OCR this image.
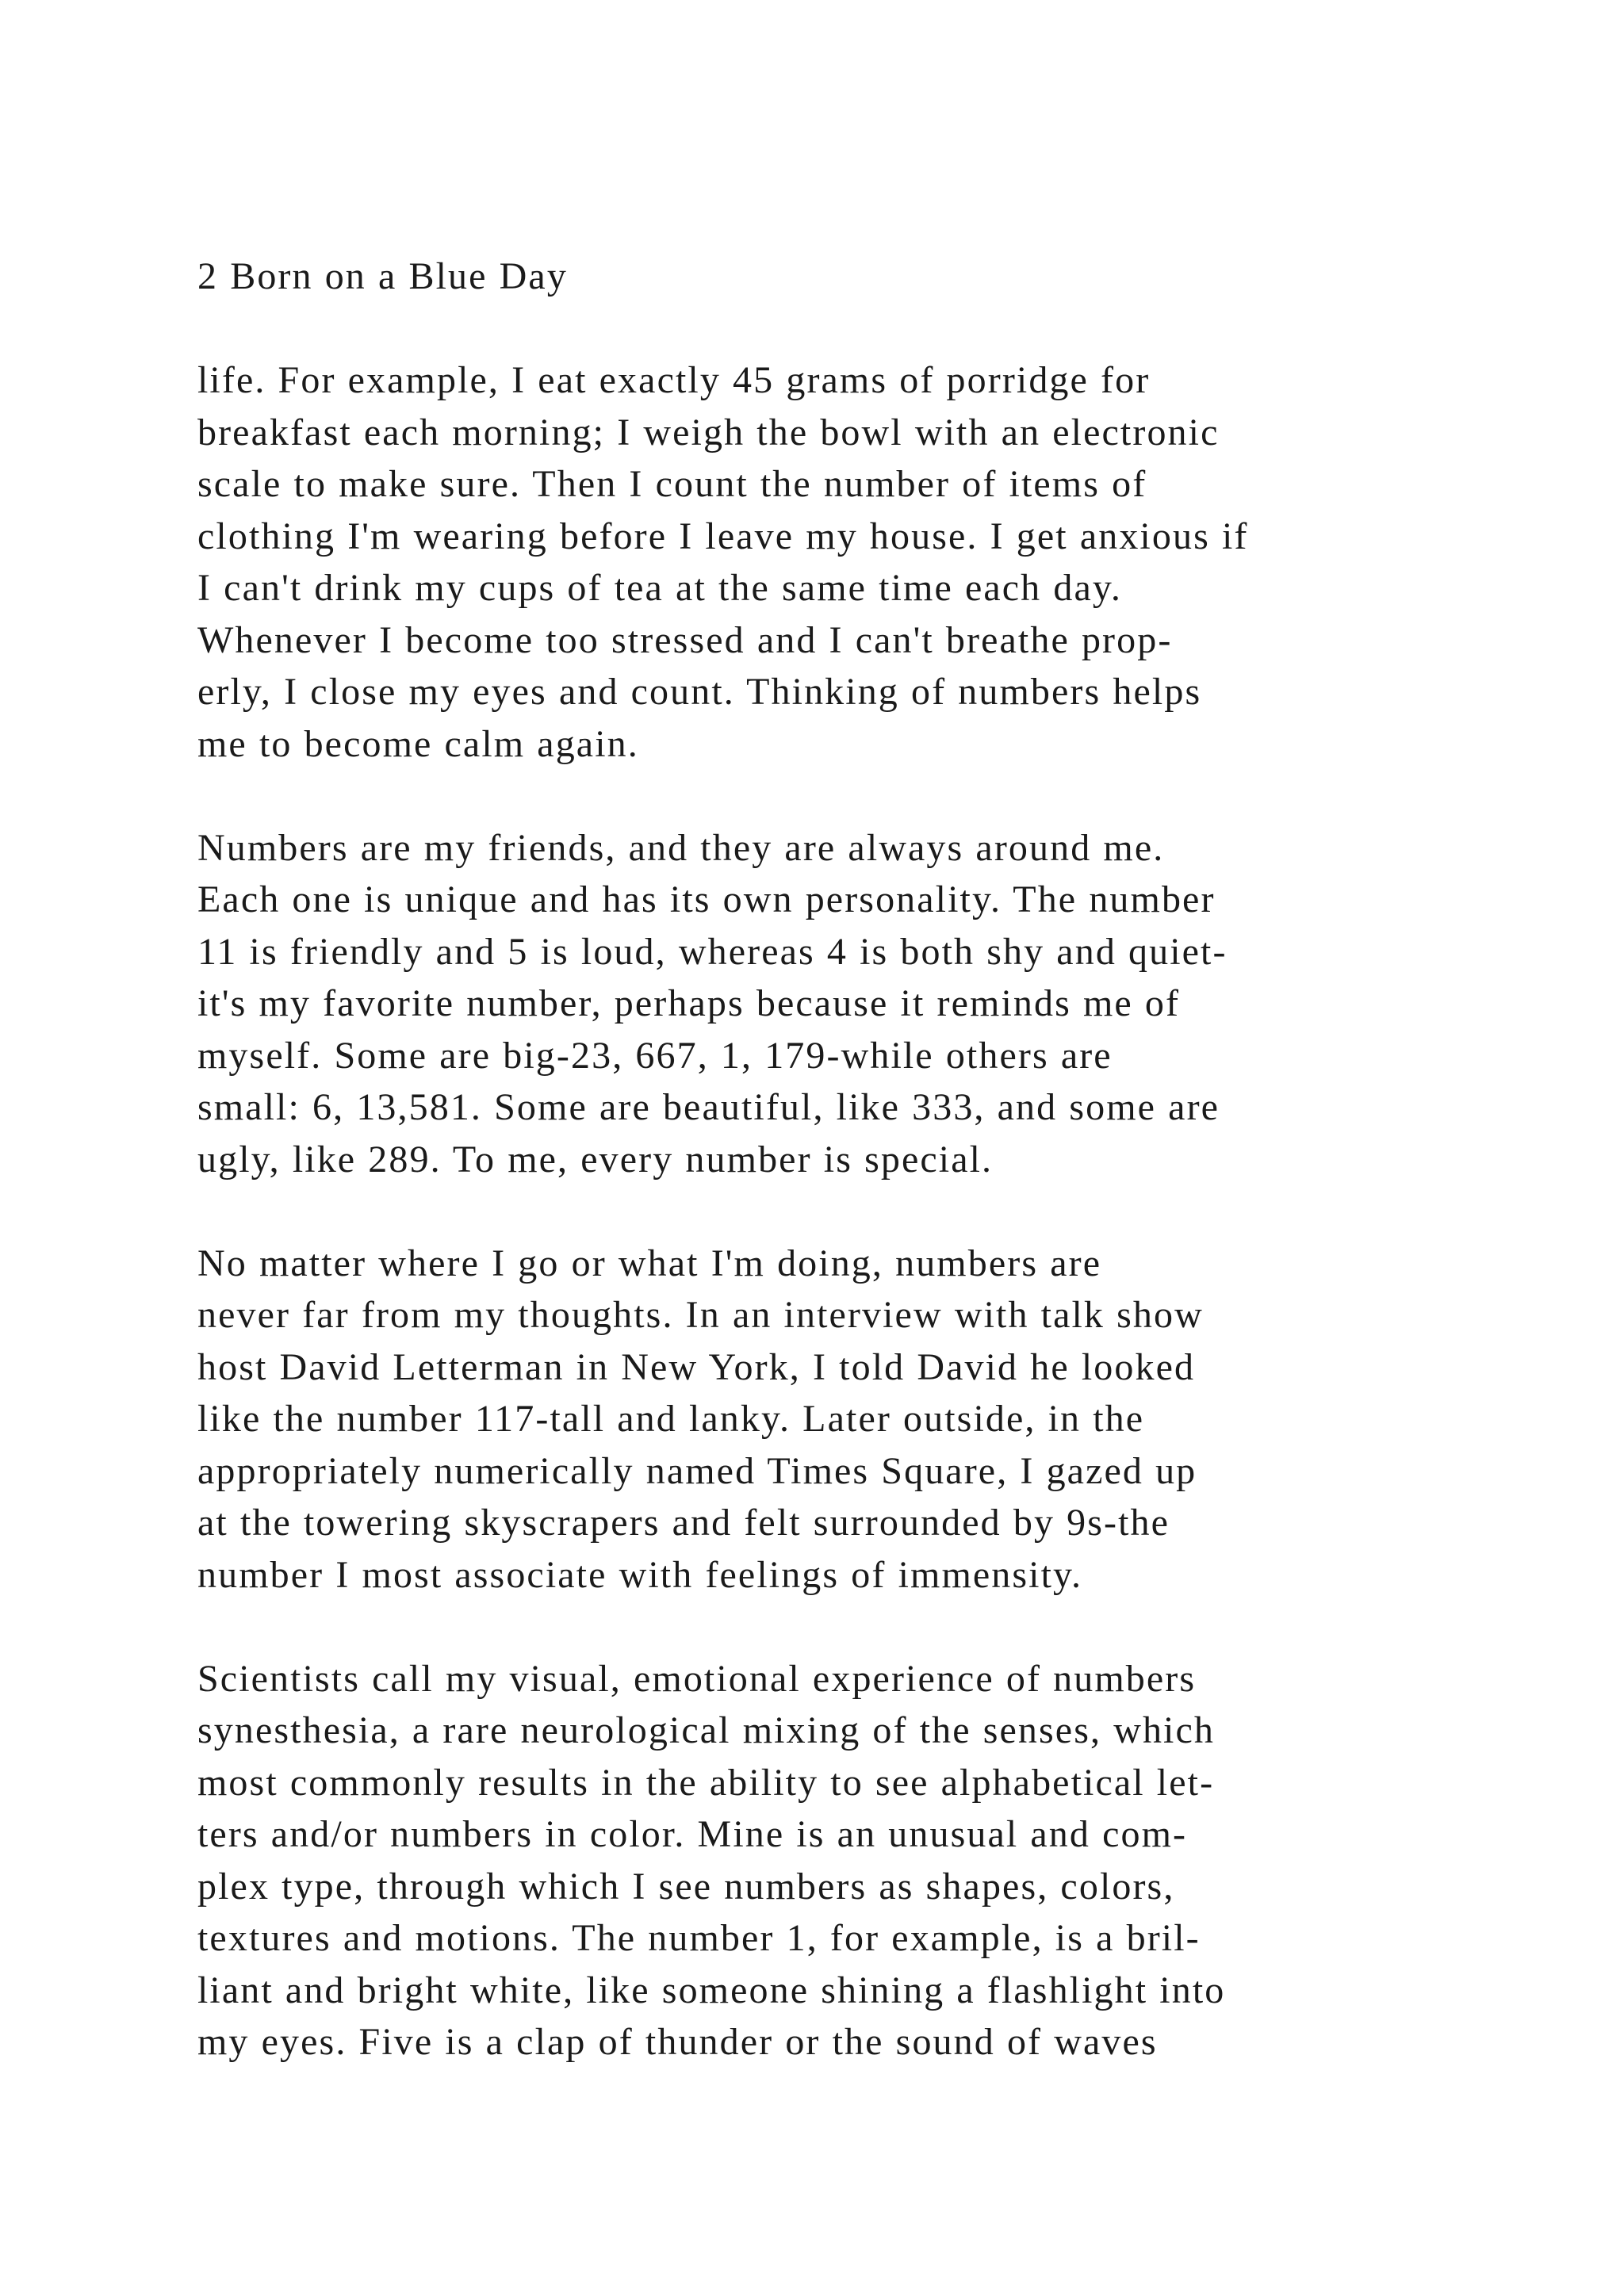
2 Born on a Blue Day
life. For example, I eat exactly 45 grams of porridge for
breakfast each morning; I weigh the bowl with an electronic
scale to make sure. Then I count the number of items of
clothing I'm wearing before I leave my house. I get anxious if
I can't drink my cups of tea at the same time each day.
Whenever I become too stressed and I can't breathe prop-
erly, I close my eyes and count. Thinking of numbers helps
me to become calm again.
Numbers are my friends, and they are always around me.
Each one is unique and has its own personality. The number
11 is friendly and 5 is loud, whereas 4 is both shy and quiet-
it's my favorite number, perhaps because it reminds me of
myself. Some are big-23, 667, 1, 179-while others are
small: 6, 13,581. Some are beautiful, like 333, and some are
ugly, like 289. To me, every number is special.
No matter where I go or what I'm doing, numbers are
never far from my thoughts. In an interview with talk show
host David Letterman in New York, I told David he looked
like the number 117-tall and lanky. Later outside, in the
appropriately numerically named Times Square, I gazed up
at the towering skyscrapers and felt surrounded by 9s-the
number I most associate with feelings of immensity.
Scientists call my visual, emotional experience of numbers
synesthesia, a rare neurological mixing of the senses, which
most commonly results in the ability to see alphabetical let-
ters and/or numbers in color. Mine is an unusual and com-
plex type, through which I see numbers as shapes, colors,
textures and motions. The number 1, for example, is a bril-
liant and bright white, like someone shining a flashlight into
my eyes. Five is a clap of thunder or the sound of waves
